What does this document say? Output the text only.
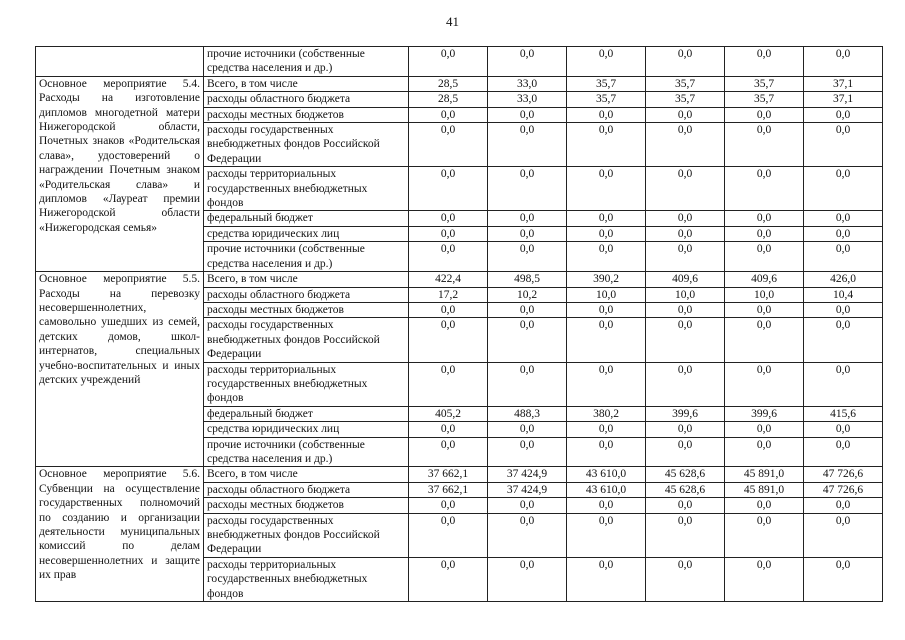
41
	прочие источники (собственные средства населения и др.)	0,0	0,0	0,0	0,0	0,0	0,0
Основное мероприятие 5.4. Расходы на изготовление дипломов многодетной матери Нижегородской области, Почетных знаков «Родительская слава», удостоверений о награждении Почетным знаком «Родительская слава» и дипломов «Лауреат премии Нижегородской области «Нижегородская семья»	Всего, в том числе	28,5	33,0	35,7	35,7	35,7	37,1
	расходы областного бюджета	28,5	33,0	35,7	35,7	35,7	37,1
	расходы местных бюджетов	0,0	0,0	0,0	0,0	0,0	0,0
	расходы государственных внебюджетных фондов Российской Федерации	0,0	0,0	0,0	0,0	0,0	0,0
	расходы территориальных государственных внебюджетных фондов	0,0	0,0	0,0	0,0	0,0	0,0
	федеральный бюджет	0,0	0,0	0,0	0,0	0,0	0,0
	средства юридических лиц	0,0	0,0	0,0	0,0	0,0	0,0
	прочие источники (собственные средства населения и др.)	0,0	0,0	0,0	0,0	0,0	0,0
Основное мероприятие 5.5. Расходы на перевозку несовершеннолетних, самовольно ушедших из семей, детских домов, школ-интернатов, специальных учебно-воспитательных и иных детских учреждений	Всего, в том числе	422,4	498,5	390,2	409,6	409,6	426,0
	расходы областного бюджета	17,2	10,2	10,0	10,0	10,0	10,4
	расходы местных бюджетов	0,0	0,0	0,0	0,0	0,0	0,0
	расходы государственных внебюджетных фондов Российской Федерации	0,0	0,0	0,0	0,0	0,0	0,0
	расходы территориальных государственных внебюджетных фондов	0,0	0,0	0,0	0,0	0,0	0,0
	федеральный бюджет	405,2	488,3	380,2	399,6	399,6	415,6
	средства юридических лиц	0,0	0,0	0,0	0,0	0,0	0,0
	прочие источники (собственные средства населения и др.)	0,0	0,0	0,0	0,0	0,0	0,0
Основное мероприятие 5.6. Субвенции на осуществление государственных полномочий по созданию и организации деятельности муниципальных комиссий по делам несовершеннолетних и защите их прав	Всего, в том числе	37 662,1	37 424,9	43 610,0	45 628,6	45 891,0	47 726,6
	расходы областного бюджета	37 662,1	37 424,9	43 610,0	45 628,6	45 891,0	47 726,6
	расходы местных бюджетов	0,0	0,0	0,0	0,0	0,0	0,0
	расходы государственных внебюджетных фондов Российской Федерации	0,0	0,0	0,0	0,0	0,0	0,0
	расходы территориальных государственных внебюджетных фондов	0,0	0,0	0,0	0,0	0,0	0,0
